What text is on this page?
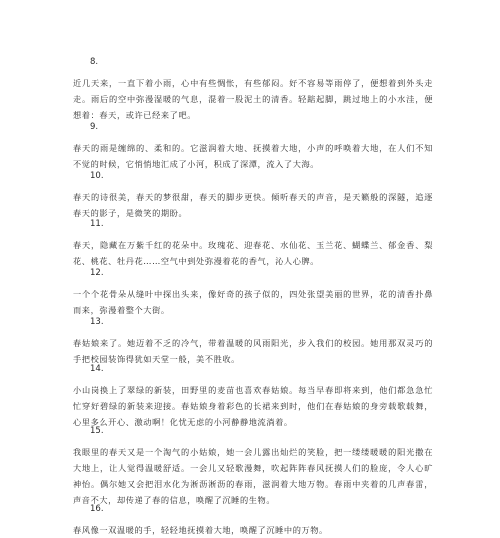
8.
近几天来，一直下着小雨，心中有些惆怅，有些郁闷。好不容易等雨停了，便想着到外头走走。雨后的空中弥漫湿暖的气息，混着一股泥土的清香。轻踮起脚，跳过地上的小水洼，便想着：春天，或许已经来了吧。
9.
春天的雨是缠绵的、柔和的。它滋润着大地、抚摸着大地，小声的呼唤着大地，在人们不知不觉的时候，它悄悄地汇成了小河，积成了深潭，流入了大海。
10.
春天的诗很美，春天的梦很甜，春天的脚步更快。倾听春天的声音，是天籁般的深隧，追逐春天的影子，是微笑的期盼。
11.
春天，隐藏在万紫千红的花朵中。玫瑰花、迎春花、水仙花、玉兰花、蝴蝶兰、郁金香、梨花、桃花、牡丹花……空气中到处弥漫着花的香气，沁人心脾。
12.
一个个花骨朵从缝叶中探出头来，像好奇的孩子似的，四处张望美丽的世界，花的清香扑鼻而来，弥漫着整个大街。
13.
春姑娘来了。她迈着不乏的冷气，带着温暖的风雨阳光，步入我们的校园。她用那双灵巧的手把校园装饰得犹如天堂一般，美不胜收。
14.
小山岗换上了翠绿的新装，田野里的麦苗也喜欢春姑娘。每当早春即将来到，他们都急急忙忙穿好碧绿的新装来迎接。春姑娘身着彩色的长裙来到时，他们在春姑娘的身旁载歌载舞，心里多么开心、激动啊！化忧无虑的小河静静地流淌着。
15.
我眼里的春天又是一个淘气的小姑娘，她一会儿露出灿烂的笑脸，把一缕缕暖暖的阳光撒在大地上，让人觉得温暖舒适。一会儿又轻歌漫舞，吹起阵阵春风抚摸人们的脸庞，令人心旷神怡。偶尔她又会把泪水化为淅沥淅沥的春雨，滋润着大地万物。春雨中夹着的几声春雷，声音不大，却传递了春的信息，唤醒了沉睡的生物。
16.
春风像一双温暖的手，轻轻地抚摸着大地，唤醒了沉睡中的万物。
